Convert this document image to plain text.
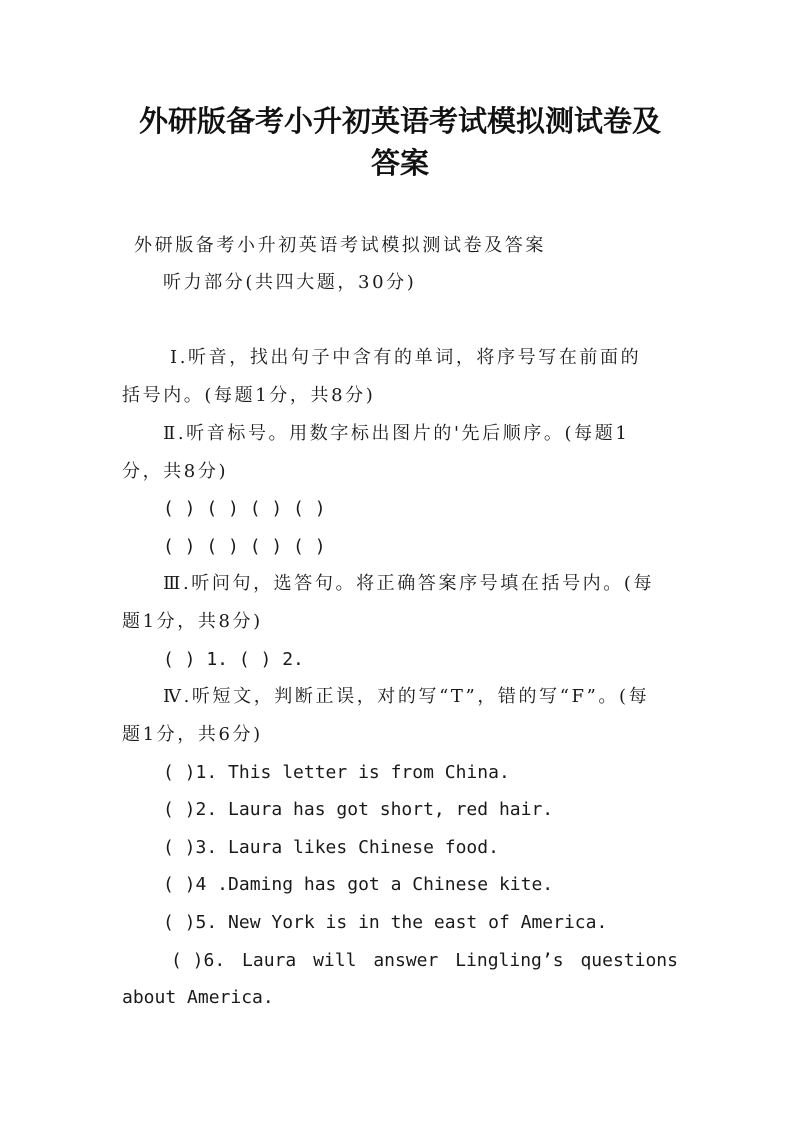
外研版备考小升初英语考试模拟测试卷及
答案
外研版备考小升初英语考试模拟测试卷及答案
听力部分(共四大题，30分)
Ⅰ.听音，找出句子中含有的单词，将序号写在前面的
括号内。(每题1分，共8分)
Ⅱ.听音标号。用数字标出图片的'先后顺序。(每题1
分，共8分)
( ) ( ) ( ) ( )
( ) ( ) ( ) ( )
Ⅲ.听问句，选答句。将正确答案序号填在括号内。(每
题1分，共8分)
( ) 1. ( ) 2.
Ⅳ.听短文，判断正误，对的写“T”，错的写“F”。(每
题1分，共6分)
( )1. This letter is from China.
( )2. Laura has got short, red hair.
( )3. Laura likes Chinese food.
( )4 .Daming has got a Chinese kite.
( )5. New York is in the east of America.
( )6. Laura will answer Lingling’s questions
about America.
